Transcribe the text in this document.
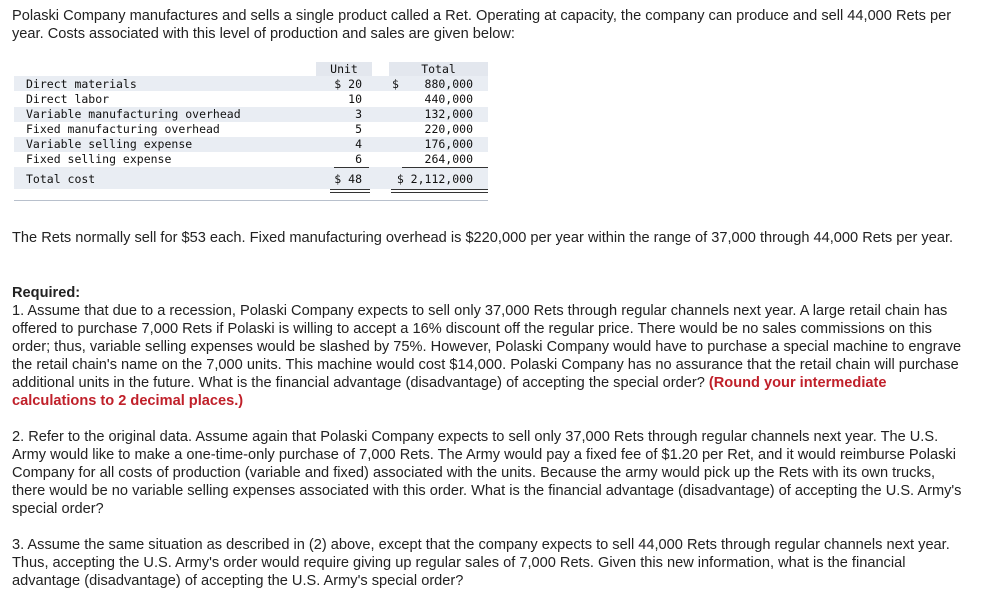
Polaski Company manufactures and sells a single product called a Ret. Operating at capacity, the company can produce and sell 44,000 Rets per year. Costs associated with this level of production and sales are given below:

Unit	Total
Direct materials	$ 20	$	880,000
Direct labor	10	440,000
Variable manufacturing overhead	3	132,000
Fixed manufacturing overhead	5	220,000
Variable selling expense	4	176,000
Fixed selling expense	6	264,000
Total cost	$ 48	$ 2,112,000

The Rets normally sell for $53 each. Fixed manufacturing overhead is $220,000 per year within the range of 37,000 through 44,000 Rets per year.

Required:

1. Assume that due to a recession, Polaski Company expects to sell only 37,000 Rets through regular channels next year. A large retail chain has offered to purchase 7,000 Rets if Polaski is willing to accept a 16% discount off the regular price. There would be no sales commissions on this order; thus, variable selling expenses would be slashed by 75%. However, Polaski Company would have to purchase a special machine to engrave the retail chain's name on the 7,000 units. This machine would cost $14,000. Polaski Company has no assurance that the retail chain will purchase additional units in the future. What is the financial advantage (disadvantage) of accepting the special order? (Round your intermediate calculations to 2 decimal places.)

2. Refer to the original data. Assume again that Polaski Company expects to sell only 37,000 Rets through regular channels next year. The U.S. Army would like to make a one-time-only purchase of 7,000 Rets. The Army would pay a fixed fee of $1.20 per Ret, and it would reimburse Polaski Company for all costs of production (variable and fixed) associated with the units. Because the army would pick up the Rets with its own trucks, there would be no variable selling expenses associated with this order. What is the financial advantage (disadvantage) of accepting the U.S. Army's special order?

3. Assume the same situation as described in (2) above, except that the company expects to sell 44,000 Rets through regular channels next year. Thus, accepting the U.S. Army's order would require giving up regular sales of 7,000 Rets. Given this new information, what is the financial advantage (disadvantage) of accepting the U.S. Army's special order?
